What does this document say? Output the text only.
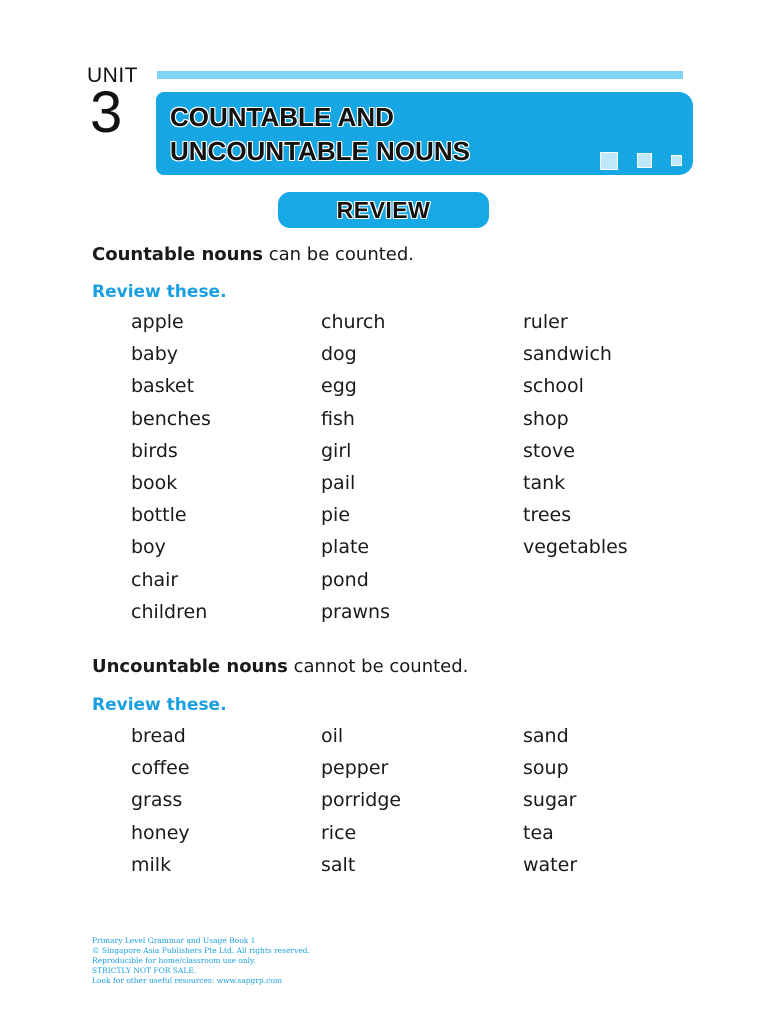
UNIT
3 COUNTABLE AND
UNCOUNTABLE NOUNS
REVIEW
Countable nouns can be counted.
Review these.
apple
baby
basket
benches
birds
book
bottle
boy
chair
children
church
dog
egg
fish
girl
pail
pie
plate
pond
prawns
ruler
sandwich
school
shop
stove
tank
trees
vegetables
Uncountable nouns cannot be counted.
Review these.
bread
coffee
grass
honey
milk
oil
pepper
porridge
rice
salt
sand
soup
sugar
tea
water
Primary Level Grammar and Usage Book 1
© Singapore Asia Publishers Pte Ltd. All rights reserved.
Reproducible for home/classroom use only.
STRICTLY NOT FOR SALE.
Look for other useful resources: www.sapgrp.com
